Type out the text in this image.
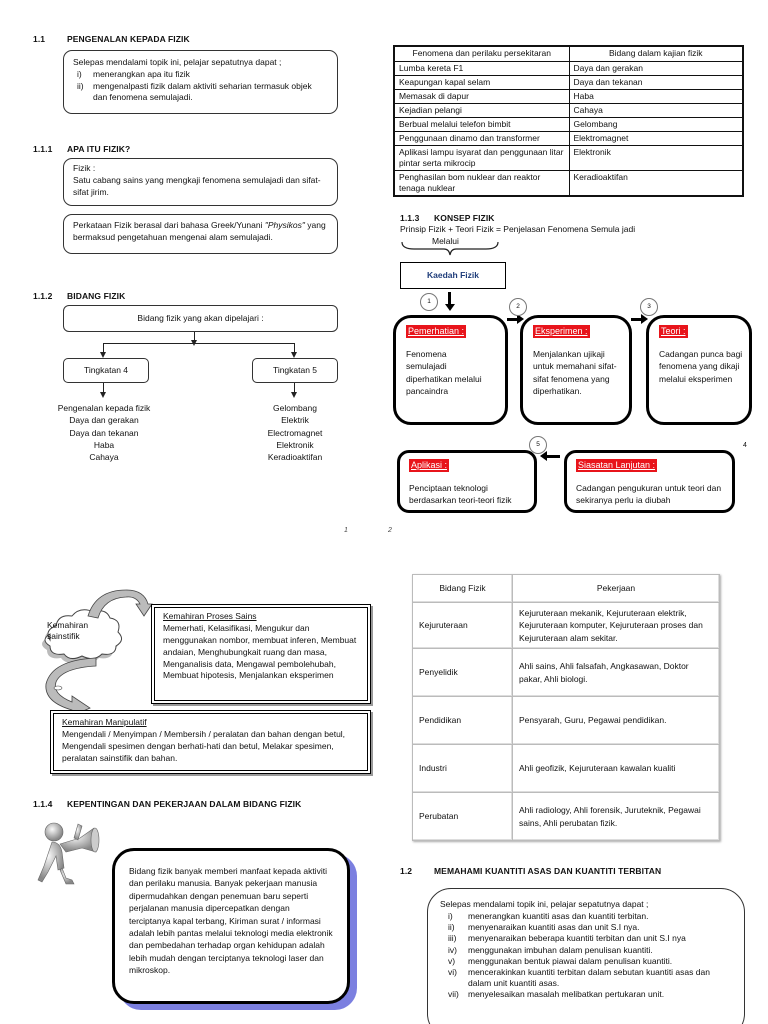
1.1	PENGENALAN KEPADA FIZIK
Selepas mendalami topik ini, pelajar sepatutnya dapat ;
i)	menerangkan apa itu fizik
ii)	mengenalpasti fizik dalam aktiviti seharian termasuk objek dan fenomena semulajadi.
1.1.1 APA ITU FIZIK?
Fizik :
Satu cabang sains yang mengkaji fenomena semulajadi dan sifat-sifat jirim.
Perkataan Fizik berasal dari bahasa Greek/Yunani "Physikos" yang bermaksud pengetahuan mengenai alam semulajadi.
Fenomena dan perilaku persekitaran	Bidang dalam kajian fizik
Lumba kereta F1	Daya dan gerakan
Keapungan kapal selam	Daya dan tekanan
Memasak di dapur	Haba
Kejadian pelangi	Cahaya
Berbual melalui telefon bimbit	Gelombang
Penggunaan dinamo dan transformer	Elektromagnet
Aplikasi lampu isyarat dan penggunaan litar pintar serta mikrocip	Elektronik
Penghasilan bom nuklear dan reaktor tenaga nuklear	Keradioaktifan
1.1.2 BIDANG FIZIK
Bidang fizik yang akan dipelajari :
Tingkatan 4	Tingkatan 5
Pengenalan kepada fizik
Daya dan gerakan
Daya dan tekanan
Haba
Cahaya
Gelombang
Elektrik
Electromagnet
Elektronik
Keradioaktifan
1.1.3 KONSEP FIZIK
Prinsip Fizik + Teori Fizik = Penjelasan Fenomena Semula jadi
Melalui
Kaedah Fizik
1
Pemerhatian :
Fenomena semulajadi diperhatikan melalui pancaindra
2
Eksperimen :
Menjalankan ujikaji untuk memahani sifat-sifat fenomena yang diperhatikan.
3
Teori :
Cadangan punca bagi fenomena yang dikaji melalui eksperimen
5	4
Aplikasi :
Penciptaan teknologi berdasarkan teori-teori fizik
Siasatan Lanjutan :
Cadangan pengukuran untuk teori dan sekiranya perlu ia diubah
1	2
Kemahiran sainstifik
Kemahiran Proses Sains
Memerhati, Kelasifikasi, Mengukur dan menggunakan nombor, membuat inferen, Membuat andaian, Menghubungkait ruang dan masa, Menganalisis data, Mengawal pembolehubah, Membuat hipotesis, Menjalankan eksperimen
Kemahiran Manipulatif
Mengendali / Menyimpan / Membersih / peralatan dan bahan dengan betul, Mengendali spesimen dengan berhati-hati dan betul, Melakar spesimen, peralatan sainstifik dan bahan.
Bidang Fizik	Pekerjaan
Kejuruteraan	Kejuruteraan mekanik, Kejuruteraan elektrik, Kejuruteraan komputer, Kejuruteraan proses dan Kejuruteraan alam sekitar.
Penyelidik	Ahli sains, Ahli falsafah, Angkasawan, Doktor pakar, Ahli biologi.
Pendidikan	Pensyarah, Guru, Pegawai pendidikan.
Industri	Ahli geofizik, Kejuruteraan kawalan kualiti
Perubatan	Ahli radiology, Ahli forensik, Juruteknik, Pegawai sains, Ahli perubatan fizik.
1.1.4 KEPENTINGAN DAN PEKERJAAN DALAM BIDANG FIZIK
Bidang fizik banyak memberi manfaat kepada aktiviti dan perilaku manusia. Banyak pekerjaan manusia dipermudahkan dengan penemuan baru seperti perjalanan manusia dipercepatkan dengan terciptanya kapal terbang, Kiriman surat / informasi adalah lebih pantas melalui teknologi media elektronik dan pembedahan terhadap organ kehidupan adalah lebih mudah dengan terciptanya teknologi laser dan mikroskop.
1.2	MEMAHAMI KUANTITI ASAS DAN KUANTITI TERBITAN
Selepas mendalami topik ini, pelajar sepatutnya dapat ;
i)	menerangkan kuantiti asas dan kuantiti terbitan.
ii)	menyenaraikan kuantiti asas dan unit S.I nya.
iii)	menyenaraikan beberapa kuantiti terbitan dan unit S.I nya
iv)	menggunakan imbuhan dalam penulisan kuantiti.
v)	menggunakan bentuk piawai dalam penulisan kuantiti.
vi)	mencerakinkan kuantiti terbitan dalam sebutan kuantiti asas dan dalam unit kuantiti asas.
vii)	menyelesaikan masalah melibatkan pertukaran unit.
